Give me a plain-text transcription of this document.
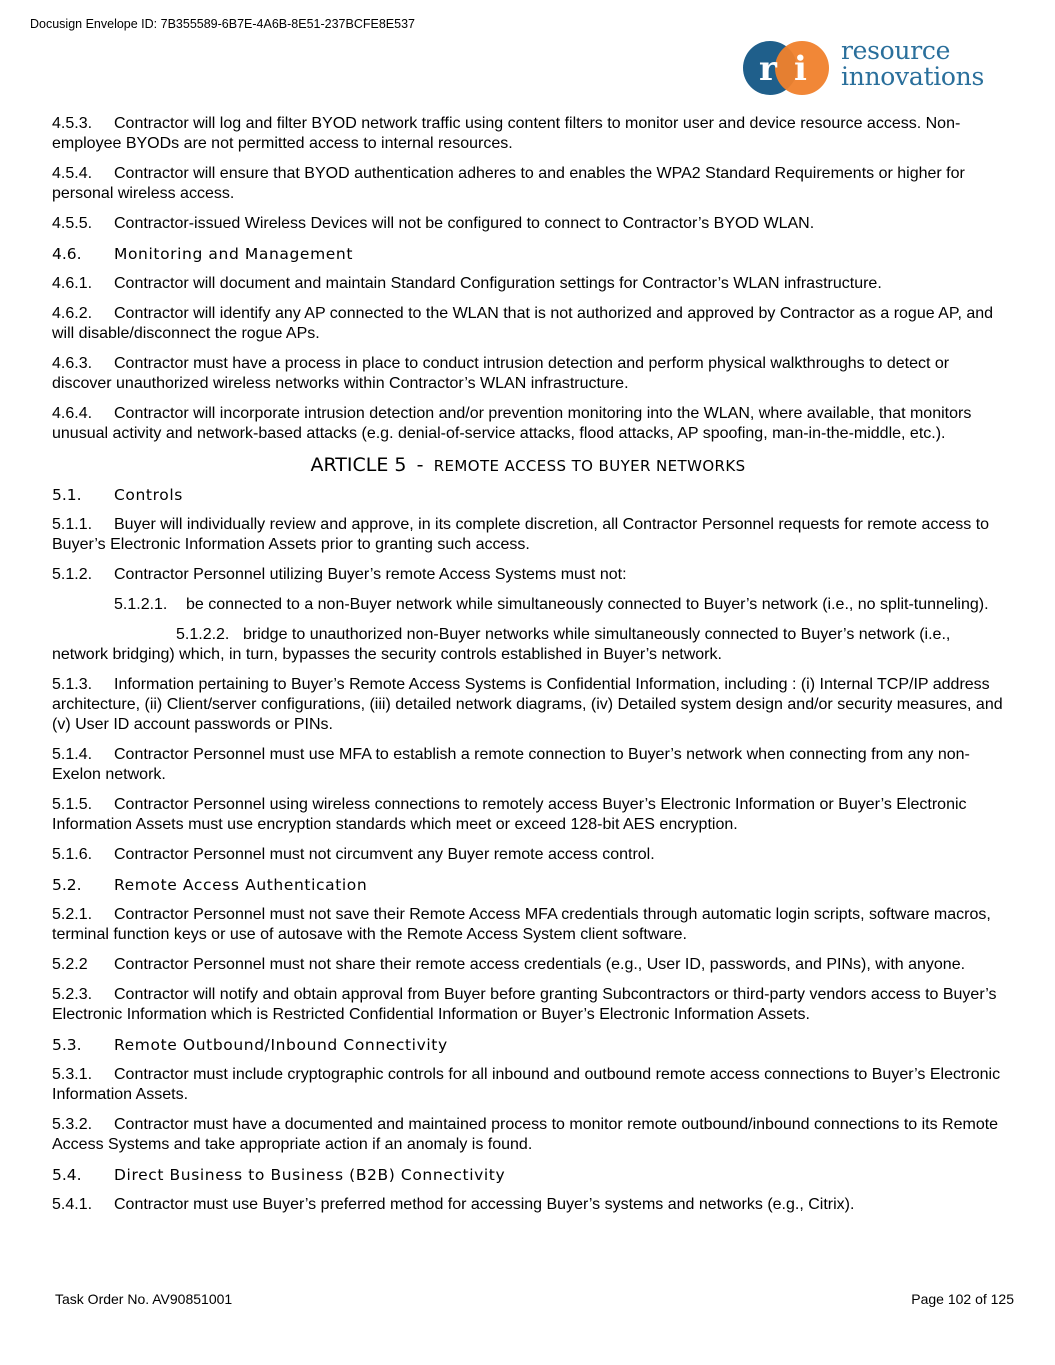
Docusign Envelope ID: 7B355589-6B7E-4A6B-8E51-237BCFE8E537
r i resource
innovations

4.5.3. Contractor will log and filter BYOD network traffic using content filters to monitor user and device resource access. Non-employee BYODs are not permitted access to internal resources.

4.5.4. Contractor will ensure that BYOD authentication adheres to and enables the WPA2 Standard Requirements or higher for personal wireless access.

4.5.5. Contractor-issued Wireless Devices will not be configured to connect to Contractor’s BYOD WLAN.

4.6. Monitoring and Management

4.6.1. Contractor will document and maintain Standard Configuration settings for Contractor’s WLAN infrastructure.

4.6.2. Contractor will identify any AP connected to the WLAN that is not authorized and approved by Contractor as a rogue AP, and will disable/disconnect the rogue APs.

4.6.3. Contractor must have a process in place to conduct intrusion detection and perform physical walkthroughs to detect or discover unauthorized wireless networks within Contractor’s WLAN infrastructure.

4.6.4. Contractor will incorporate intrusion detection and/or prevention monitoring into the WLAN, where available, that monitors unusual activity and network-based attacks (e.g. denial-of-service attacks, flood attacks, AP spoofing, man-in-the-middle, etc.).

ARTICLE 5 - REMOTE ACCESS TO BUYER NETWORKS

5.1. Controls

5.1.1. Buyer will individually review and approve, in its complete discretion, all Contractor Personnel requests for remote access to Buyer’s Electronic Information Assets prior to granting such access.

5.1.2. Contractor Personnel utilizing Buyer’s remote Access Systems must not:

5.1.2.1. be connected to a non-Buyer network while simultaneously connected to Buyer’s network (i.e., no split-tunneling).

5.1.2.2. bridge to unauthorized non-Buyer networks while simultaneously connected to Buyer’s network (i.e., network bridging) which, in turn, bypasses the security controls established in Buyer’s network.

5.1.3. Information pertaining to Buyer’s Remote Access Systems is Confidential Information, including : (i) Internal TCP/IP address architecture, (ii) Client/server configurations, (iii) detailed network diagrams, (iv) Detailed system design and/or security measures, and (v) User ID account passwords or PINs.

5.1.4. Contractor Personnel must use MFA to establish a remote connection to Buyer’s network when connecting from any non-Exelon network.

5.1.5. Contractor Personnel using wireless connections to remotely access Buyer’s Electronic Information or Buyer’s Electronic Information Assets must use encryption standards which meet or exceed 128-bit AES encryption.

5.1.6. Contractor Personnel must not circumvent any Buyer remote access control.

5.2. Remote Access Authentication

5.2.1. Contractor Personnel must not save their Remote Access MFA credentials through automatic login scripts, software macros, terminal function keys or use of autosave with the Remote Access System client software.

5.2.2 Contractor Personnel must not share their remote access credentials (e.g., User ID, passwords, and PINs), with anyone.

5.2.3. Contractor will notify and obtain approval from Buyer before granting Subcontractors or third-party vendors access to Buyer’s Electronic Information which is Restricted Confidential Information or Buyer’s Electronic Information Assets.

5.3. Remote Outbound/Inbound Connectivity

5.3.1. Contractor must include cryptographic controls for all inbound and outbound remote access connections to Buyer’s Electronic Information Assets.

5.3.2. Contractor must have a documented and maintained process to monitor remote outbound/inbound connections to its Remote Access Systems and take appropriate action if an anomaly is found.

5.4. Direct Business to Business (B2B) Connectivity

5.4.1. Contractor must use Buyer’s preferred method for accessing Buyer’s systems and networks (e.g., Citrix).

Task Order No. AV90851001	Page 102 of 125
